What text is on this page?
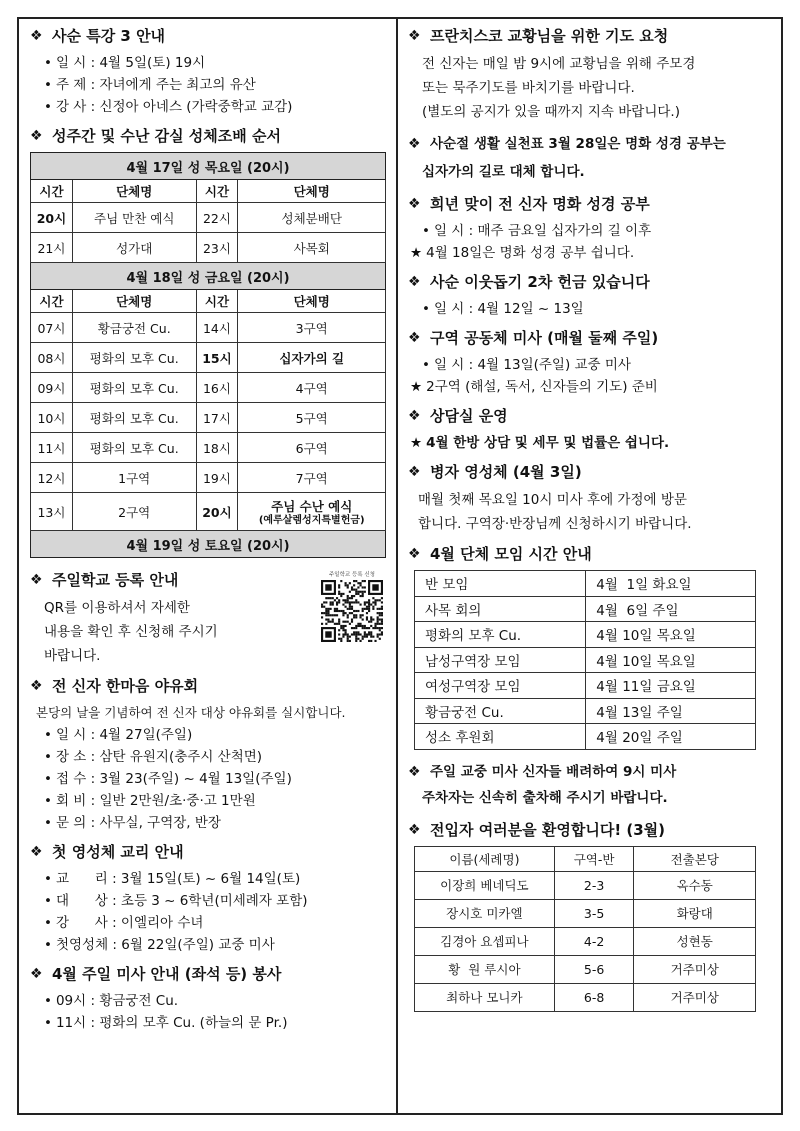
❖ 사순 특강 3 안내
• 일 시 : 4월 5일(토) 19시
• 주 제 : 자녀에게 주는 최고의 유산
• 강 사 : 신정아 아네스 (가락중학교 교감)
❖ 성주간 및 수난 감실 성체조배 순서
4월 17일 성 목요일 (20시)			
시간	단체명	시간	단체명
20시	주님 만찬 예식	22시	성체분배단
21시	성가대	23시	사목회
4월 18일 성 금요일 (20시)			
시간	단체명	시간	단체명
07시	황금궁전 Cu.	14시	3구역
08시	평화의 모후 Cu.	15시	십자가의 길
09시	평화의 모후 Cu.	16시	4구역
10시	평화의 모후 Cu.	17시	5구역
11시	평화의 모후 Cu.	18시	6구역
12시	1구역	19시	7구역
13시	2구역	20시	주님 수난 예식
(예루살렘성지특별헌금)

4월 19일 성 토요일 (20시)			
❖ 주일학교 등록 안내
QR를 이용하셔서 자세한
내용을 확인 후 신청해 주시기
바랍니다.
주일학교 등록 신청
❖ 전 신자 한마음 야유회
본당의 날을 기념하여 전 신자 대상 야유회를 실시합니다.
• 일 시 : 4월 27일(주일)
• 장 소 : 삼탄 유원지(충주시 산척면)
• 접 수 : 3월 23(주일) ~ 4월 13일(주일)
• 회 비 : 일반 2만원/초·중·고 1만원
• 문 의 : 사무실, 구역장, 반장
❖ 첫 영성체 교리 안내
• 교      리 : 3월 15일(토) ~ 6월 14일(토)
• 대      상 : 초등 3 ~ 6학년(미세례자 포함)
• 강      사 : 이엘리아 수녀
• 첫영성체 : 6월 22일(주일) 교중 미사
❖ 4월 주일 미사 안내 (좌석 등) 봉사
• 09시 : 황금궁전 Cu.
• 11시 : 평화의 모후 Cu. (하늘의 문 Pr.)
❖ 프란치스코 교황님을 위한 기도 요청
전 신자는 매일 밤 9시에 교황님을 위해 주모경
또는 묵주기도를 바치기를 바랍니다.
(별도의 공지가 있을 때까지 지속 바랍니다.)
❖ 사순절 생활 실천표 3월 28일은 명화 성경 공부는
십자가의 길로 대체 합니다.
❖ 희년 맞이 전 신자 명화 성경 공부
• 일 시 : 매주 금요일 십자가의 길 이후
★ 4월 18일은 명화 성경 공부 쉽니다.
❖ 사순 이웃돕기 2차 헌금 있습니다
• 일 시 : 4월 12일 ~ 13일
❖ 구역 공동체 미사 (매월 둘째 주일)
• 일 시 : 4월 13일(주일) 교중 미사
★ 2구역 (해설, 독서, 신자들의 기도) 준비
❖ 상담실 운영
★ 4월 한방 상담 및 세무 및 법률은 쉽니다.
❖ 병자 영성체 (4월 3일)
매월 첫째 목요일 10시 미사 후에 가정에 방문
합니다. 구역장·반장님께 신청하시기 바랍니다.
❖ 4월 단체 모임 시간 안내
반 모임	4월  1일 화요일
사목 회의	4월  6일 주일
평화의 모후 Cu.	4월 10일 목요일
남성구역장 모임	4월 10일 목요일
여성구역장 모임	4월 11일 금요일
황금궁전 Cu.	4월 13일 주일
성소 후원회	4월 20일 주일
❖ 주일 교중 미사 신자들 배려하여 9시 미사
주차자는 신속히 출차해 주시기 바랍니다.
❖ 전입자 여러분을 환영합니다! (3월)
이름(세례명)	구역-반	전출본당
이장희 베네딕도	2-3	옥수동
장시호 미카엘	3-5	화랑대
김경아 요셉피나	4-2	성현동
황  원 루시아	5-6	거주미상
최하나 모니카	6-8	거주미상
